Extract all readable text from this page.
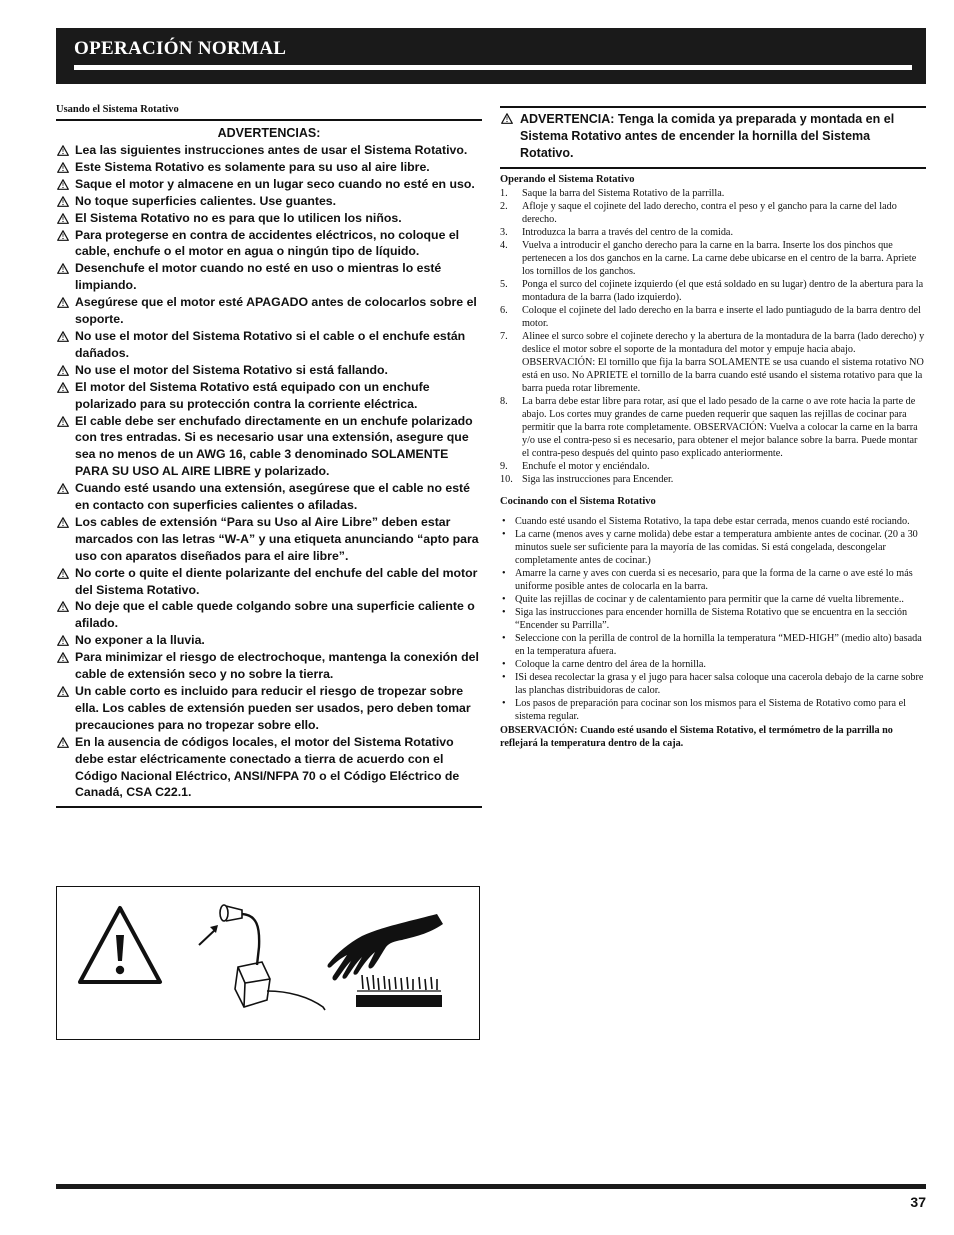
OPERACIÓN NORMAL
Usando el Sistema Rotativo
ADVERTENCIAS:
Lea las siguientes instrucciones antes de usar el Sistema Rotativo.
Este Sistema Rotativo es solamente para su uso al aire libre.
Saque el motor y almacene en un lugar seco cuando no esté en uso.
No toque superficies calientes. Use guantes.
El Sistema Rotativo no es para que lo utilicen los niños.
Para protegerse en contra de accidentes eléctricos, no coloque el cable, enchufe o el motor en agua o ningún tipo de líquido.
Desenchufe el motor cuando no esté en uso o mientras lo esté limpiando.
Asegúrese que el motor esté APAGADO antes de colocarlos sobre el soporte.
No use el motor del Sistema Rotativo si el cable o el enchufe están dañados.
No use el motor del Sistema Rotativo si está fallando.
El motor del Sistema Rotativo está equipado con un enchufe polarizado para su protección contra la corriente eléctrica.
El cable debe ser enchufado directamente en un enchufe polarizado con tres entradas. Si es necesario usar una extensión, asegure que sea no menos de un AWG 16, cable 3 denominado SOLAMENTE PARA SU USO AL AIRE LIBRE y polarizado.
Cuando esté usando una extensión, asegúrese que el cable no esté en contacto con superficies calientes o afiladas.
Los cables de extensión “Para su Uso al Aire Libre” deben estar marcados con las letras “W-A” y una etiqueta anunciando “apto para uso con aparatos diseñados para el aire libre”.
No corte o quite el diente polarizante del enchufe del cable del motor del Sistema Rotativo.
No deje que el cable quede colgando sobre una superficie caliente o afilado.
No exponer a la lluvia.
Para minimizar el riesgo de electrochoque, mantenga la conexión del cable de extensión seco y no sobre la tierra.
Un cable corto es incluido para reducir el riesgo de tropezar sobre ella. Los cables de extensión pueden ser usados, pero deben tomar precauciones para no tropezar sobre ello.
En la ausencia de códigos locales, el motor del Sistema Rotativo debe estar eléctricamente conectado a tierra de acuerdo con el Código Nacional Eléctrico, ANSI/NFPA 70 o el Código Eléctrico de Canadá, CSA C22.1.
ADVERTENCIA: Tenga la comida ya preparada y montada en el Sistema Rotativo antes de encender la hornilla del Sistema Rotativo.
Operando el Sistema Rotativo
1. Saque la barra del Sistema Rotativo de la parrilla.
2. Afloje y saque el cojinete del lado derecho, contra el peso y el gancho para la carne del lado derecho.
3. Introduzca la barra a través del centro de la comida.
4. Vuelva a introducir el gancho derecho para la carne en la barra. Inserte los dos pinchos que pertenecen a los dos ganchos en la carne. La carne debe ubicarse en el centro de la barra. Apriete los tornillos de los ganchos.
5. Ponga el surco del cojinete izquierdo (el que está soldado en su lugar) dentro de la abertura para la montadura de la barra (lado izquierdo).
6. Coloque el cojinete del lado derecho en la barra e inserte el lado puntiagudo de la barra dentro del motor.
7. Alinee el surco sobre el cojinete derecho y la abertura de la montadura de la barra (lado derecho) y deslice el motor sobre el soporte de la montadura del motor y empuje hacia abajo. OBSERVACIÓN: El tornillo que fija la barra SOLAMENTE se usa cuando el sistema rotativo NO está en uso. No APRIETE el tornillo de la barra cuando esté usando el sistema rotativo para que la barra pueda rotar libremente.
8. La barra debe estar libre para rotar, así que el lado pesado de la carne o ave rote hacia la parte de abajo. Los cortes muy grandes de carne pueden requerir que saquen las rejillas de cocinar para permitir que la barra rote completamente. OBSERVACIÓN: Vuelva a colocar la carne en la barra y/o use el contra-peso si es necesario, para obtener el mejor balance sobre la barra. Puede montar el contra-peso después del quinto paso explicado anteriormente.
9. Enchufe el motor y enciéndalo.
10. Siga las instrucciones para Encender.
Cocinando con el Sistema Rotativo
• Cuando esté usando el Sistema Rotativo, la tapa debe estar cerrada, menos cuando esté rociando.
• La carne (menos aves y carne molida) debe estar a temperatura ambiente antes de cocinar. (20 a 30 minutos suele ser suficiente para la mayoría de las comidas. Si está congelada, descongelar completamente antes de cocinar.)
• Amarre la carne y aves con cuerda si es necesario, para que la forma de la carne o ave esté lo más uniforme posible antes de colocarla en la barra.
• Quite las rejillas de cocinar y de calentamiento para permitir que la carne dé vuelta libremente..
• Siga las instrucciones para encender hornilla de Sistema Rotativo que se encuentra en la sección “Encender su Parrilla”.
• Seleccione con la perilla de control de la hornilla la temperatura “MED-HIGH” (medio alto) basada en la temperatura afuera.
• Coloque la carne dentro del área de la hornilla.
• ISi desea recolectar la grasa y el jugo para hacer salsa coloque una cacerola debajo de la carne sobre las planchas distribuidoras de calor.
• Los pasos de preparación para cocinar son los mismos para el Sistema de Rotativo como para el sistema regular.
OBSERVACIÓN: Cuando esté usando el Sistema Rotativo, el termómetro de la parrilla no reflejará la temperatura dentro de la caja.
37
